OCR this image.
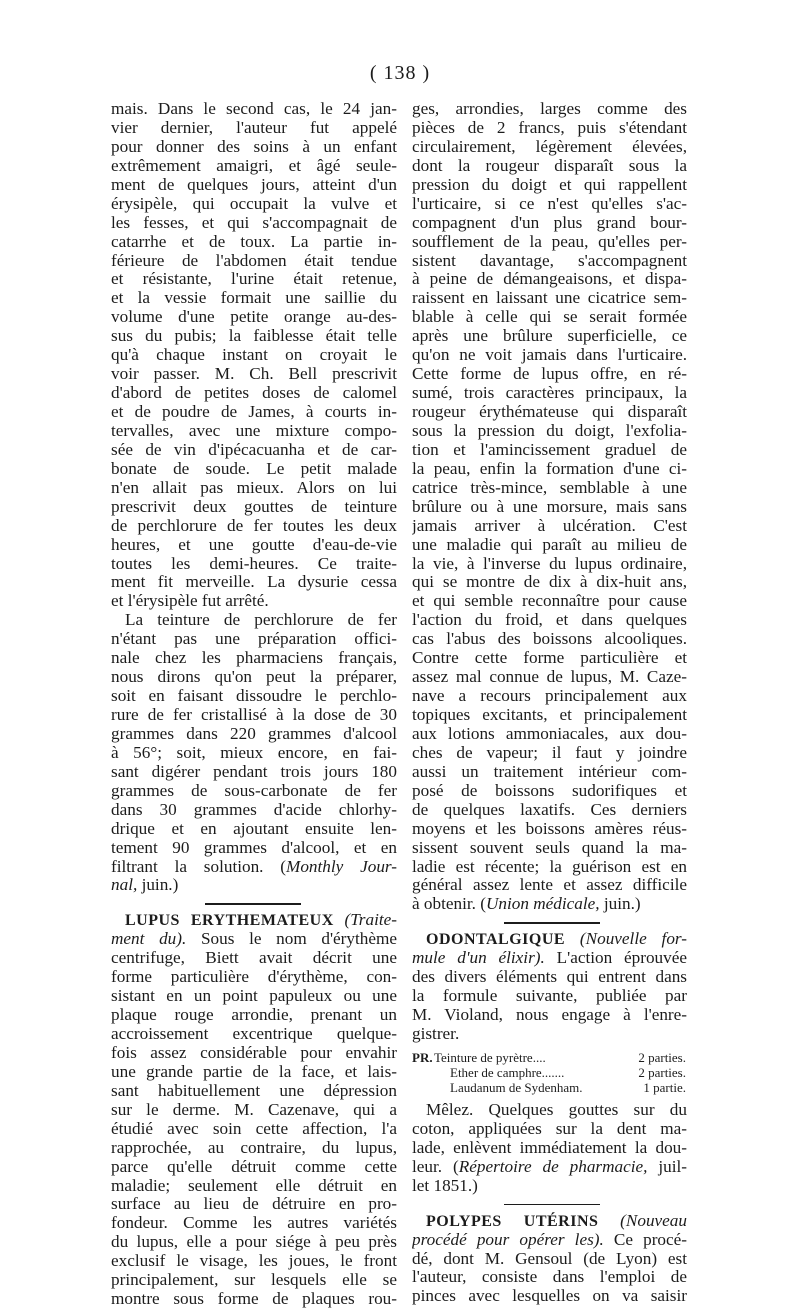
( 138 )
mais. Dans le second cas, le 24 jan-
vier dernier, l'auteur fut appelé
pour donner des soins à un enfant
extrêmement amaigri, et âgé seule-
ment de quelques jours, atteint d'un
érysipèle, qui occupait la vulve et
les fesses, et qui s'accompagnait de
catarrhe et de toux. La partie in-
férieure de l'abdomen était tendue
et résistante, l'urine était retenue,
et la vessie formait une saillie du
volume d'une petite orange au-des-
sus du pubis; la faiblesse était telle
qu'à chaque instant on croyait le
voir passer. M. Ch. Bell prescrivit
d'abord de petites doses de calomel
et de poudre de James, à courts in-
tervalles, avec une mixture compo-
sée de vin d'ipécacuanha et de car-
bonate de soude. Le petit malade
n'en allait pas mieux. Alors on lui
prescrivit deux gouttes de teinture
de perchlorure de fer toutes les deux
heures, et une goutte d'eau-de-vie
toutes les demi-heures. Ce traite-
ment fit merveille. La dysurie cessa
et l'érysipèle fut arrêté.
La teinture de perchlorure de fer
n'étant pas une préparation offici-
nale chez les pharmaciens français,
nous dirons qu'on peut la préparer,
soit en faisant dissoudre le perchlo-
rure de fer cristallisé à la dose de 30
grammes dans 220 grammes d'alcool
à 56°; soit, mieux encore, en fai-
sant digérer pendant trois jours 180
grammes de sous-carbonate de fer
dans 30 grammes d'acide chlorhy-
drique et en ajoutant ensuite len-
tement 90 grammes d'alcool, et en
filtrant la solution. (Monthly Jour-
nal, juin.)
LUPUS ERYTHEMATEUX (Traite-
ment du). Sous le nom d'érythème
centrifuge, Biett avait décrit une
forme particulière d'érythème, con-
sistant en un point papuleux ou une
plaque rouge arrondie, prenant un
accroissement excentrique quelque-
fois assez considérable pour envahir
une grande partie de la face, et lais-
sant habituellement une dépression
sur le derme. M. Cazenave, qui a
étudié avec soin cette affection, l'a
rapprochée, au contraire, du lupus,
parce qu'elle détruit comme cette
maladie; seulement elle détruit en
surface au lieu de détruire en pro-
fondeur. Comme les autres variétés
du lupus, elle a pour siége à peu près
exclusif le visage, les joues, le front
principalement, sur lesquels elle se
montre sous forme de plaques rou-
ges, arrondies, larges comme des
pièces de 2 francs, puis s'étendant
circulairement, légèrement élevées,
dont la rougeur disparaît sous la
pression du doigt et qui rappellent
l'urticaire, si ce n'est qu'elles s'ac-
compagnent d'un plus grand bour-
soufflement de la peau, qu'elles per-
sistent davantage, s'accompagnent
à peine de démangeaisons, et dispa-
raissent en laissant une cicatrice sem-
blable à celle qui se serait formée
après une brûlure superficielle, ce
qu'on ne voit jamais dans l'urticaire.
Cette forme de lupus offre, en ré-
sumé, trois caractères principaux, la
rougeur érythémateuse qui disparaît
sous la pression du doigt, l'exfolia-
tion et l'amincissement graduel de
la peau, enfin la formation d'une ci-
catrice très-mince, semblable à une
brûlure ou à une morsure, mais sans
jamais arriver à ulcération. C'est
une maladie qui paraît au milieu de
la vie, à l'inverse du lupus ordinaire,
qui se montre de dix à dix-huit ans,
et qui semble reconnaître pour cause
l'action du froid, et dans quelques
cas l'abus des boissons alcooliques.
Contre cette forme particulière et
assez mal connue de lupus, M. Caze-
nave a recours principalement aux
topiques excitants, et principalement
aux lotions ammoniacales, aux dou-
ches de vapeur; il faut y joindre
aussi un traitement intérieur com-
posé de boissons sudorifiques et
de quelques laxatifs. Ces derniers
moyens et les boissons amères réus-
sissent souvent seuls quand la ma-
ladie est récente; la guérison est en
général assez lente et assez difficile
à obtenir. (Union médicale, juin.)
ODONTALGIQUE (Nouvelle for-
mule d'un élixir). L'action éprouvée
des divers éléments qui entrent dans
la formule suivante, publiée par
M. Violand, nous engage à l'enre-
gistrer.
PR.Teinture de pyrètre....	2 parties.
Ether de camphre.......	2 parties.
Laudanum de Sydenham.	1 partie.
Mêlez. Quelques gouttes sur du
coton, appliquées sur la dent ma-
lade, enlèvent immédiatement la dou-
leur. (Répertoire de pharmacie, juil-
let 1851.)
POLYPES UTÉRINS (Nouveau
procédé pour opérer les). Ce procé-
dé, dont M. Gensoul (de Lyon) est
l'auteur, consiste dans l'emploi de
pinces avec lesquelles on va saisir
